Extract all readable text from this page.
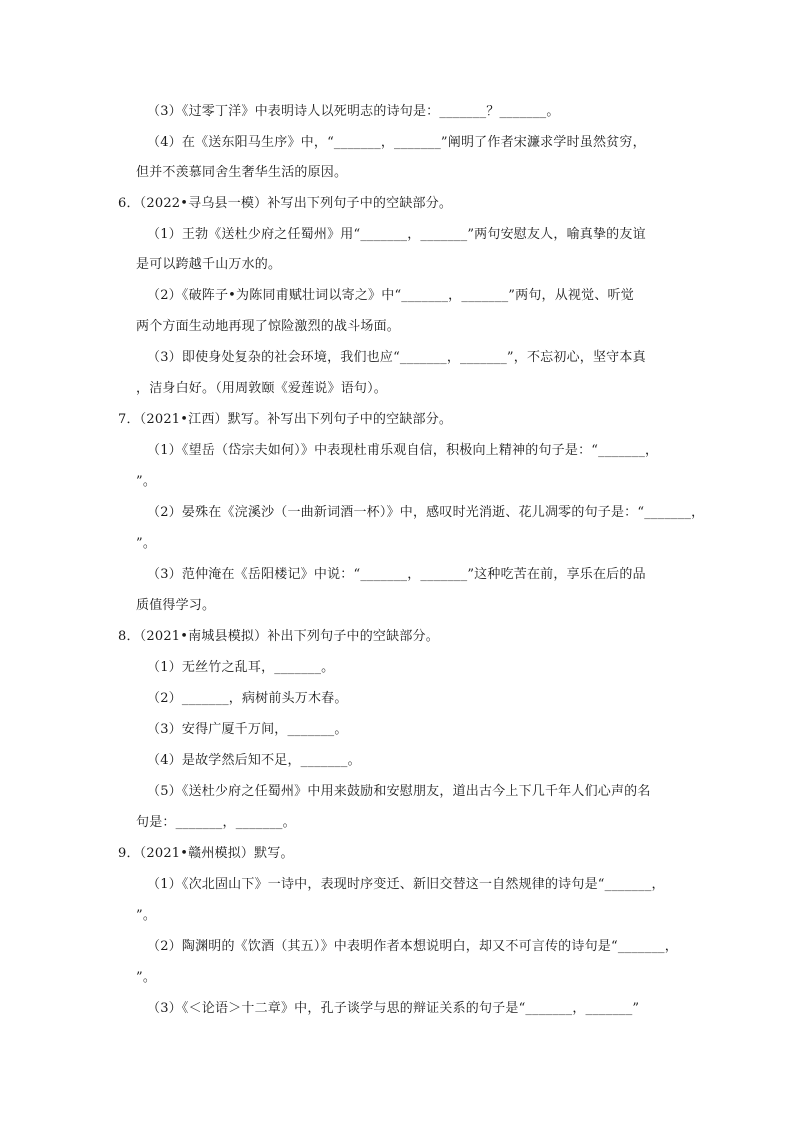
（3）《过零丁洋》中表明诗人以死明志的诗句是：_______？_______。
（4）在《送东阳马生序》中，“_______，_______”阐明了作者宋濂求学时虽然贫穷，
但并不羡慕同舍生奢华生活的原因。
6．（2022•寻乌县一模）补写出下列句子中的空缺部分。
（1）王勃《送杜少府之任蜀州》用“_______，_______”两句安慰友人，喻真挚的友谊
是可以跨越千山万水的。
（2）《破阵子•为陈同甫赋壮词以寄之》中“_______，_______”两句，从视觉、听觉
两个方面生动地再现了惊险激烈的战斗场面。
（3）即使身处复杂的社会环境，我们也应“_______，_______”，不忘初心，坚守本真
，洁身白好。（用周敦颐《爱莲说》语句）。
7．（2021•江西）默写。补写出下列句子中的空缺部分。
（1）《望岳（岱宗夫如何）》中表现杜甫乐观自信，积极向上精神的句子是：“_______，
”。
（2）晏殊在《浣溪沙（一曲新词酒一杯）》中，感叹时光消逝、花儿凋零的句子是：“_______，
”。
（3）范仲淹在《岳阳楼记》中说：“_______，_______”这种吃苦在前，享乐在后的品
质值得学习。
8．（2021•南城县模拟）补出下列句子中的空缺部分。
（1）无丝竹之乱耳，_______。
（2）_______，病树前头万木春。
（3）安得广厦千万间，_______。
（4）是故学然后知不足，_______。
（5）《送杜少府之任蜀州》中用来鼓励和安慰朋友，道出古今上下几千年人们心声的名
句是：_______，_______。
9．（2021•赣州模拟）默写。
（1）《次北固山下》一诗中，表现时序变迁、新旧交替这一自然规律的诗句是“_______，
”。
（2）陶渊明的《饮酒（其五）》中表明作者本想说明白，却又不可言传的诗句是“_______，
”。
（3）《＜论语＞十二章》中，孔子谈学与思的辩证关系的句子是“_______，_______”
